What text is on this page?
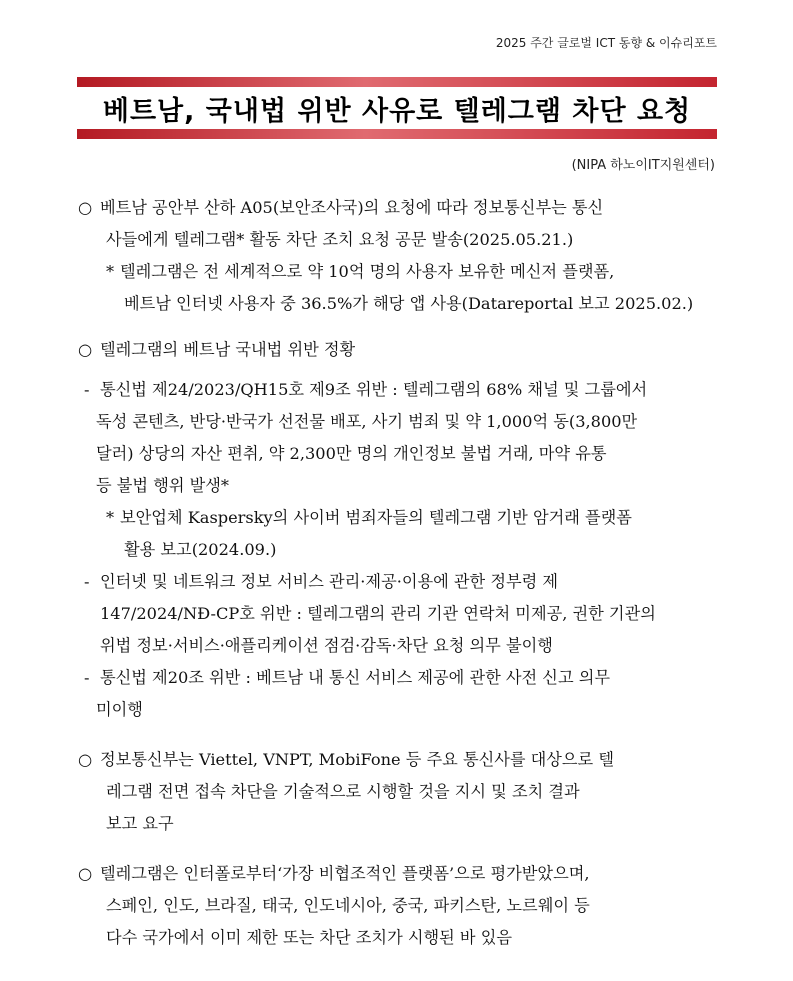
2025 주간 글로벌 ICT 동향 & 이슈리포트
베트남, 국내법 위반 사유로 텔레그램 차단 요청
(NIPA 하노이IT지원센터)
○ 베트남 공안부 산하 A05(보안조사국)의 요청에 따라 정보통신부는 통신
사들에게 텔레그램* 활동 차단 조치 요청 공문 발송(2025.05.21.)
* 텔레그램은 전 세계적으로 약 10억 명의 사용자 보유한 메신저 플랫폼,
베트남 인터넷 사용자 중 36.5%가 해당 앱 사용(Datareportal 보고 2025.02.)
○ 텔레그램의 베트남 국내법 위반 정황
- 통신법 제24/2023/QH15호 제9조 위반 : 텔레그램의 68% 채널 및 그룹에서
독성 콘텐츠, 반당·반국가 선전물 배포, 사기 범죄 및 약 1,000억 동(3,800만
달러) 상당의 자산 편취, 약 2,300만 명의 개인정보 불법 거래, 마약 유통
등 불법 행위 발생*
* 보안업체 Kaspersky의 사이버 범죄자들의 텔레그램 기반 암거래 플랫폼
활용 보고(2024.09.)
- 인터넷 및 네트워크 정보 서비스 관리·제공·이용에 관한 정부령 제
147/2024/NĐ-CP호 위반 : 텔레그램의 관리 기관 연락처 미제공, 권한 기관의
위법 정보·서비스·애플리케이션 점검·감독·차단 요청 의무 불이행
- 통신법 제20조 위반 : 베트남 내 통신 서비스 제공에 관한 사전 신고 의무
미이행
○ 정보통신부는 Viettel, VNPT, MobiFone 등 주요 통신사를 대상으로 텔
레그램 전면 접속 차단을 기술적으로 시행할 것을 지시 및 조치 결과
보고 요구
○ 텔레그램은 인터폴로부터‘가장 비협조적인 플랫폼’으로 평가받았으며,
스페인, 인도, 브라질, 태국, 인도네시아, 중국, 파키스탄, 노르웨이 등
다수 국가에서 이미 제한 또는 차단 조치가 시행된 바 있음
